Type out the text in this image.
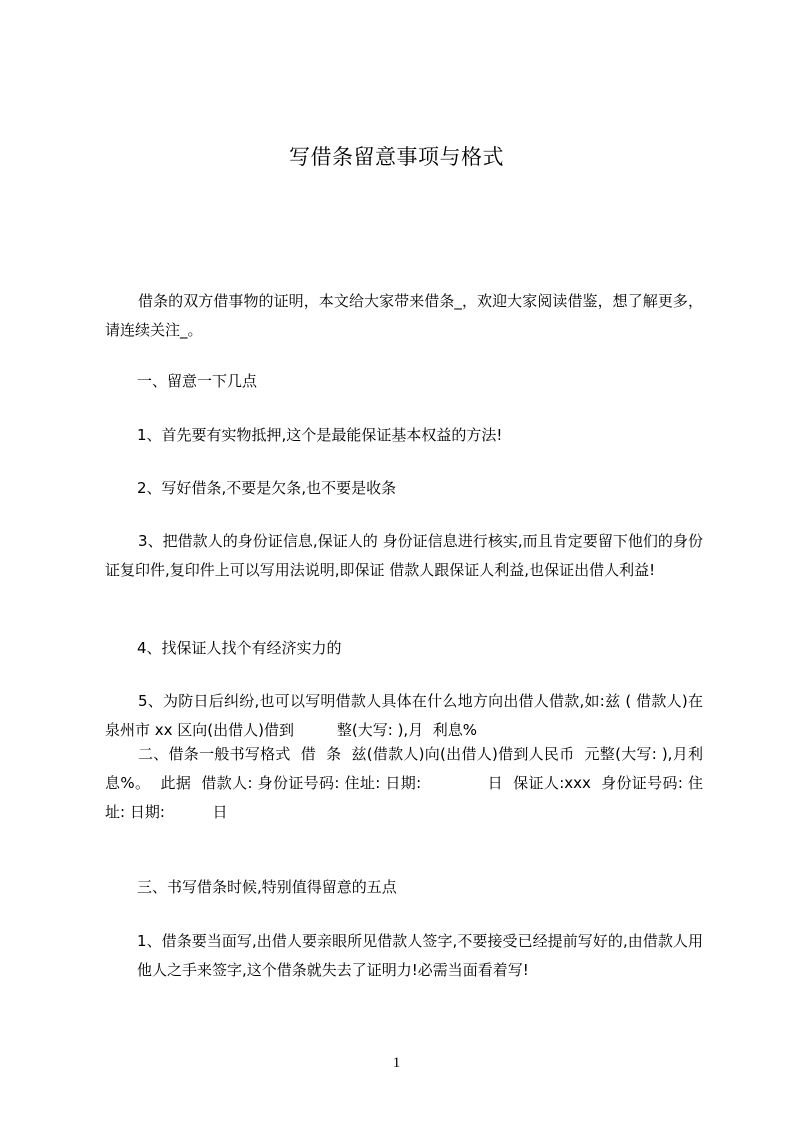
写借条留意事项与格式
借条的双方借事物的证明，本文给大家带来借条_，欢迎大家阅读借鉴，想了解更多，请连续关注_。
一、留意一下几点
1、首先要有实物抵押,这个是最能保证基本权益的方法!
2、写好借条,不要是欠条,也不要是收条
3、把借款人的身份证信息,保证人的 身份证信息进行核实,而且肯定要留下他们的身份证复印件,复印件上可以写用法说明,即保证 借款人跟保证人利益,也保证出借人利益!
4、找保证人找个有经济实力的
5、为防日后纠纷,也可以写明借款人具体在什么地方向出借人借款,如:兹 ( 借款人)在泉州市 xx 区向(出借人)借到         整(大写: ),月  利息%
二、借条一般书写格式  借  条  兹(借款人)向(出借人)借到人民币  元整(大写: ),月利息%。  此据  借款人: 身份证号码: 住址: 日期:             日  保证人:xxx  身份证号码: 住址: 日期:          日
三、书写借条时候,特别值得留意的五点
1、借条要当面写,出借人要亲眼所见借款人签字,不要接受已经提前写好的,由借款人用他人之手来签字,这个借条就失去了证明力!必需当面看着写!
1
